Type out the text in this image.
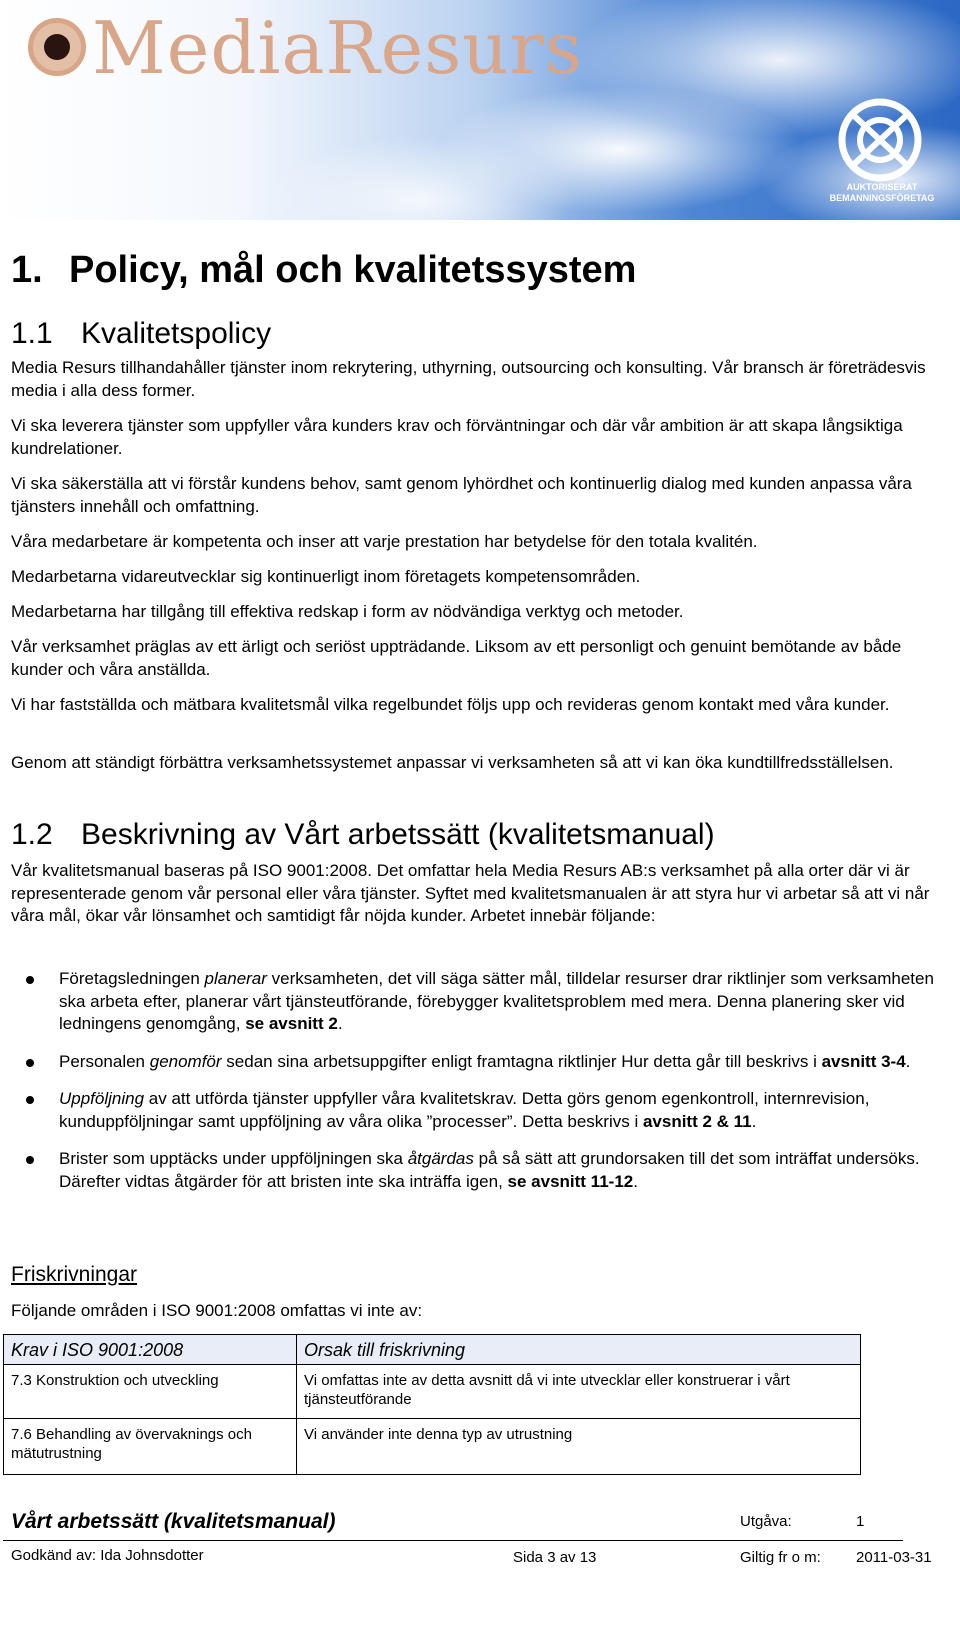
MediaResurs
AUKTORISERAT
BEMANNINGSFÖRETAG
1. Policy, mål och kvalitetssystem
1.1 Kvalitetspolicy

Media Resurs tillhandahåller tjänster inom rekrytering, uthyrning, outsourcing och konsulting. Vår bransch är företrädesvis media i alla dess former.

Vi ska leverera tjänster som uppfyller våra kunders krav och förväntningar och där vår ambition är att skapa långsiktiga kundrelationer.

Vi ska säkerställa att vi förstår kundens behov, samt genom lyhördhet och kontinuerlig dialog med kunden anpassa våra tjänsters innehåll och omfattning.

Våra medarbetare är kompetenta och inser att varje prestation har betydelse för den totala kvalitén.

Medarbetarna vidareutvecklar sig kontinuerligt inom företagets kompetensområden.

Medarbetarna har tillgång till effektiva redskap i form av nödvändiga verktyg och metoder.

Vår verksamhet präglas av ett ärligt och seriöst uppträdande. Liksom av ett personligt och genuint bemötande av både kunder och våra anställda.

Vi har fastställda och mätbara kvalitetsmål vilka regelbundet följs upp och revideras genom kontakt med våra kunder.

Genom att ständigt förbättra verksamhetssystemet anpassar vi verksamheten så att vi kan öka kundtillfredsställelsen.

1.2 Beskrivning av Vårt arbetssätt (kvalitetsmanual)

Vår kvalitetsmanual baseras på ISO 9001:2008. Det omfattar hela Media Resurs AB:s verksamhet på alla orter där vi är representerade genom vår personal eller våra tjänster. Syftet med kvalitetsmanualen är att styra hur vi arbetar så att vi når våra mål, ökar vår lönsamhet och samtidigt får nöjda kunder. Arbetet innebär följande:

Företagsledningen planerar verksamheten, det vill säga sätter mål, tilldelar resurser drar riktlinjer som verksamheten ska arbeta efter, planerar vårt tjänsteutförande, förebygger kvalitetsproblem med mera. Denna planering sker vid ledningens genomgång, se avsnitt 2.
Personalen genomför sedan sina arbetsuppgifter enligt framtagna riktlinjer Hur detta går till beskrivs i avsnitt 3-4.
Uppföljning av att utförda tjänster uppfyller våra kvalitetskrav. Detta görs genom egenkontroll, internrevision, kunduppföljningar samt uppföljning av våra olika ”processer”. Detta beskrivs i avsnitt 2 & 11.
Brister som upptäcks under uppföljningen ska åtgärdas på så sätt att grundorsaken till det som inträffat undersöks. Därefter vidtas åtgärder för att bristen inte ska inträffa igen, se avsnitt 11-12.
Friskrivningar
Följande områden i ISO 9001:2008 omfattas vi inte av:
Krav i ISO 9001:2008	Orsak till friskrivning
7.3 Konstruktion och utveckling	Vi omfattas inte av detta avsnitt då vi inte utvecklar eller konstruerar i vårt tjänsteutförande
7.6 Behandling av övervaknings och mätutrustning	Vi använder inte denna typ av utrustning
Vårt arbetssätt (kvalitetsmanual)	Utgåva:	1
Godkänd av: Ida Johnsdotter	Sida 3 av 13	Giltig fr o m: 2011-03-31
